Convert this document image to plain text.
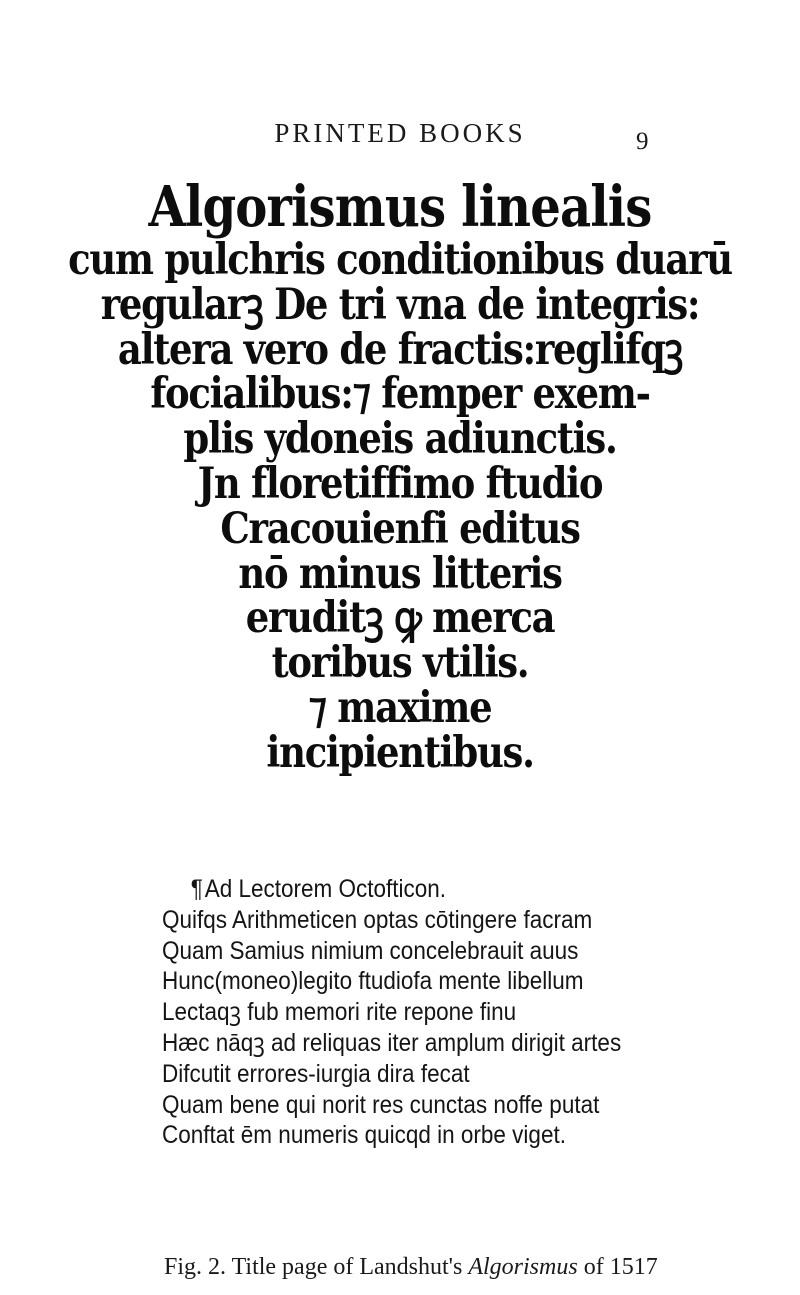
PRINTED BOOKS	9
Algorismus linealis
cum pulchris conditionibus duarū
regularꝫ De tri vna de integris:
altera vero de fractis:reglifqꝫ
focialibus:⁊ femper exem-
plis ydoneis adiunctis.
Jn floretiffimo ftudio
Cracouienfi editus
nō minus litteris
eruditꝫ ꝙ merca
toribus vtilis.
⁊ maxime
incipientibus.
¶Ad Lectorem Octofticon.
Quifqs Arithmeticen optas cōtingere facram
Quam Samius nimium concelebrauit auus
Hunc(moneo)legito ftudiofa mente libellum
Lectaqꝫ fub memori rite repone finu
Hæc nāqꝫ ad reliquas iter amplum dirigit artes
Difcutit errores-iurgia dira fecat
Quam bene qui norit res cunctas noffe putat
Conftat ēm numeris quicqd in orbe viget.
Fig. 2. Title page of Landshut's Algorismus of 1517
